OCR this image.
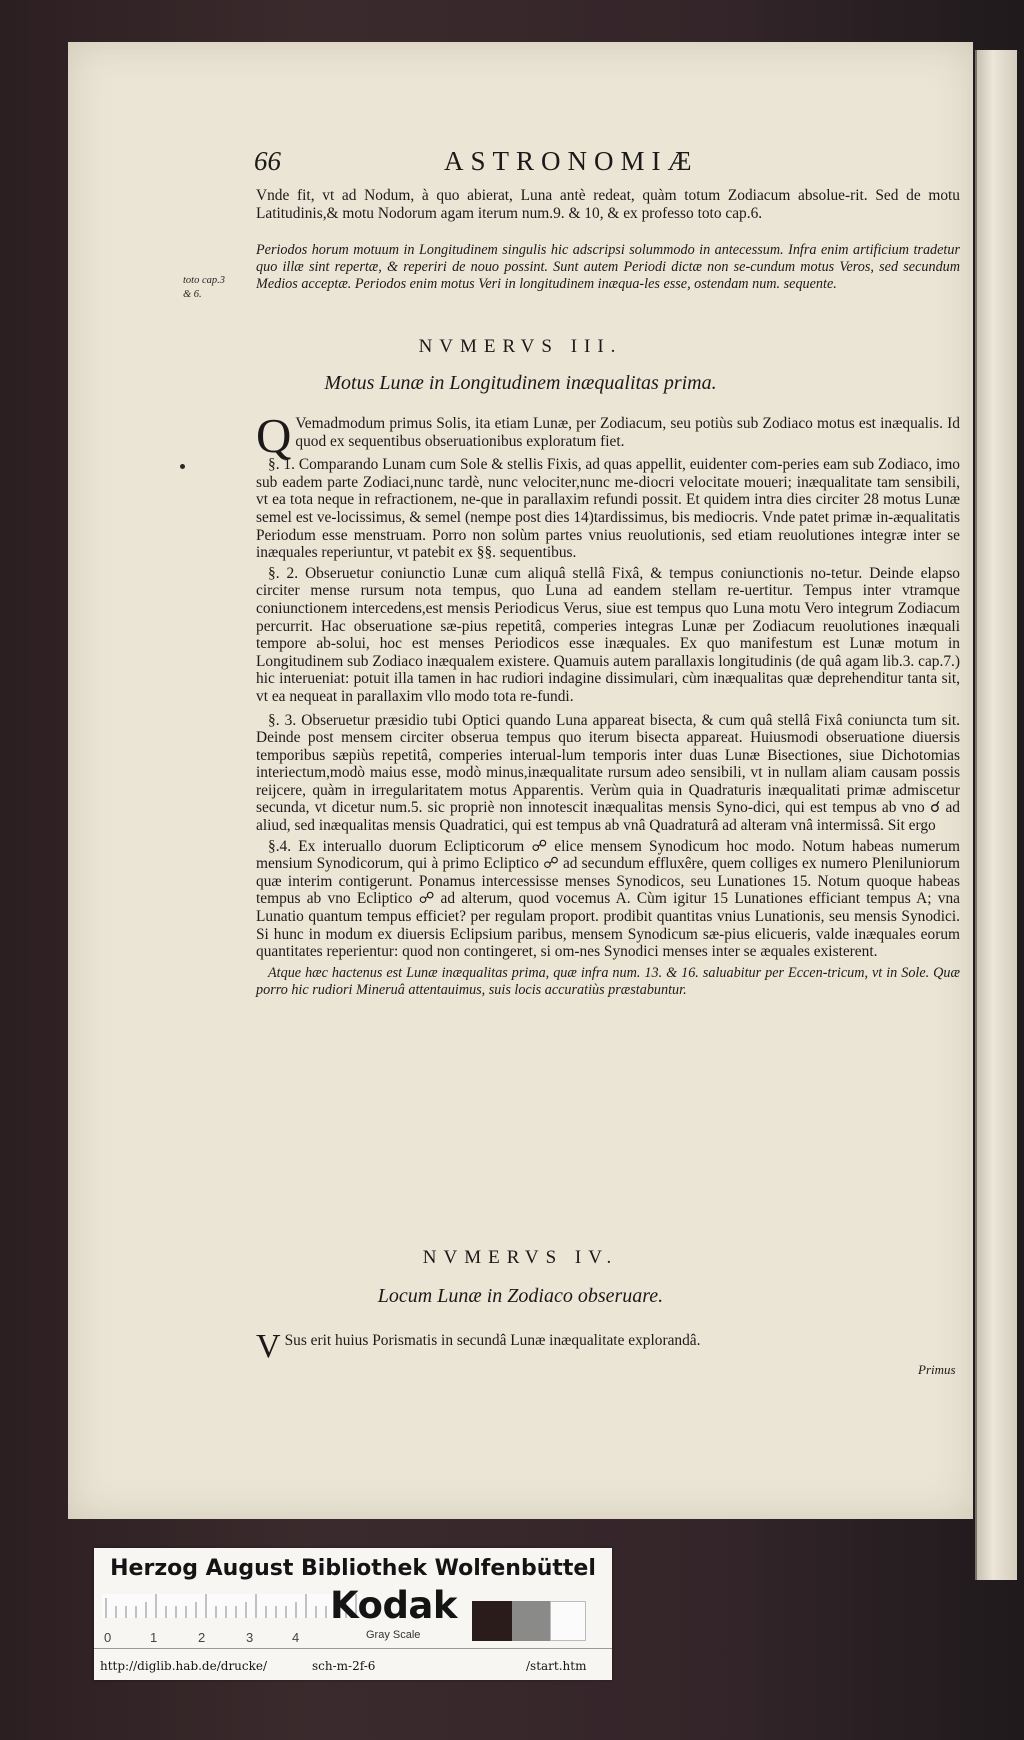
66	ASTRONOMIÆ
toto cap.3
& 6.
Vnde fit, vt ad Nodum, à quo abierat, Luna antè redeat, quàm totum Zodiacum absolue-rit. Sed de motu Latitudinis,& motu Nodorum agam iterum num.9. & 10, & ex professo toto cap.6.
Periodos horum motuum in Longitudinem singulis hic adscripsi solummodo in antecessum. Infra enim artificium tradetur quo illæ sint repertæ, & reperiri de nouo possint. Sunt autem Periodi dictæ non se-cundum motus Veros, sed secundum Medios acceptæ. Periodos enim motus Veri in longitudinem inæqua-les esse, ostendam num. sequente.
NVMERVS III.
Motus Lunæ in Longitudinem inæqualitas prima.

Q Vemadmodum primus Solis, ita etiam Lunæ, per Zodiacum, seu potiùs sub Zodiaco motus est inæqualis. Id quod ex sequentibus obseruationibus exploratum fiet.

§. 1. Comparando Lunam cum Sole & stellis Fixis, ad quas appellit, euidenter com-peries eam sub Zodiaco, imo sub eadem parte Zodiaci,nunc tardè, nunc velociter,nunc me-diocri velocitate moueri; inæqualitate tam sensibili, vt ea tota neque in refractionem, ne-que in parallaxim refundi possit. Et quidem intra dies circiter 28 motus Lunæ semel est ve-locissimus, & semel (nempe post dies 14)tardissimus, bis mediocris. Vnde patet primæ in-æqualitatis Periodum esse menstruam. Porro non solùm partes vnius reuolutionis, sed etiam reuolutiones integræ inter se inæquales reperiuntur, vt patebit ex §§. sequentibus.

§. 2. Obseruetur coniunctio Lunæ cum aliquâ stellâ Fixâ, & tempus coniunctionis no-tetur. Deinde elapso circiter mense rursum nota tempus, quo Luna ad eandem stellam re-uertitur. Tempus inter vtramque coniunctionem intercedens,est mensis Periodicus Verus, siue est tempus quo Luna motu Vero integrum Zodiacum percurrit. Hac obseruatione sæ-pius repetitâ, comperies integras Lunæ per Zodiacum reuolutiones inæquali tempore ab-solui, hoc est menses Periodicos esse inæquales. Ex quo manifestum est Lunæ motum in Longitudinem sub Zodiaco inæqualem existere. Quamuis autem parallaxis longitudinis (de quâ agam lib.3. cap.7.) hic interueniat: potuit illa tamen in hac rudiori indagine dissimulari, cùm inæqualitas quæ deprehenditur tanta sit, vt ea nequeat in parallaxim vllo modo tota re-fundi.

§. 3. Obseruetur præsidio tubi Optici quando Luna appareat bisecta, & cum quâ stellâ Fixâ coniuncta tum sit. Deinde post mensem circiter obserua tempus quo iterum bisecta appareat. Huiusmodi obseruatione diuersis temporibus sæpiùs repetitâ, comperies interual-lum temporis inter duas Lunæ Bisectiones, siue Dichotomias interiectum,modò maius esse, modò minus,inæqualitate rursum adeo sensibili, vt in nullam aliam causam possis reijcere, quàm in irregularitatem motus Apparentis. Verùm quia in Quadraturis inæqualitati primæ admiscetur secunda, vt dicetur num.5. sic propriè non innotescit inæqualitas mensis Syno-dici, qui est tempus ab vno ☌ ad aliud, sed inæqualitas mensis Quadratici, qui est tempus ab vnâ Quadraturâ ad alteram vnâ intermissâ. Sit ergo

§.4. Ex interuallo duorum Eclipticorum ☍ elice mensem Synodicum hoc modo. Notum habeas numerum mensium Synodicorum, qui à primo Ecliptico ☍ ad secundum effluxêre, quem colliges ex numero Pleniluniorum quæ interim contigerunt. Ponamus intercessisse menses Synodicos, seu Lunationes 15. Notum quoque habeas tempus ab vno Ecliptico ☍ ad alterum, quod vocemus A. Cùm igitur 15 Lunationes efficiant tempus A; vna Lunatio quantum tempus efficiet? per regulam proport. prodibit quantitas vnius Lunationis, seu mensis Synodici. Si hunc in modum ex diuersis Eclipsium paribus, mensem Synodicum sæ-pius elicueris, valde inæquales eorum quantitates reperientur: quod non contingeret, si om-nes Synodici menses inter se æquales existerent.

Atque hæc hactenus est Lunæ inæqualitas prima, quæ infra num. 13. & 16. saluabitur per Eccen-tricum, vt in Sole. Quæ porro hic rudiori Mineruâ attentauimus, suis locis accuratiùs præstabuntur.

NVMERVS IV.
Locum Lunæ in Zodiaco obseruare.

V Sus erit huius Porismatis in secundâ Lunæ inæqualitate explorandâ.

Primus
Herzog August Bibliothek Wolfenbüttel
0	1	2	3	4
Kodak
Gray Scale
http://diglib.hab.de/drucke/	sch-m-2f-6	/start.htm
